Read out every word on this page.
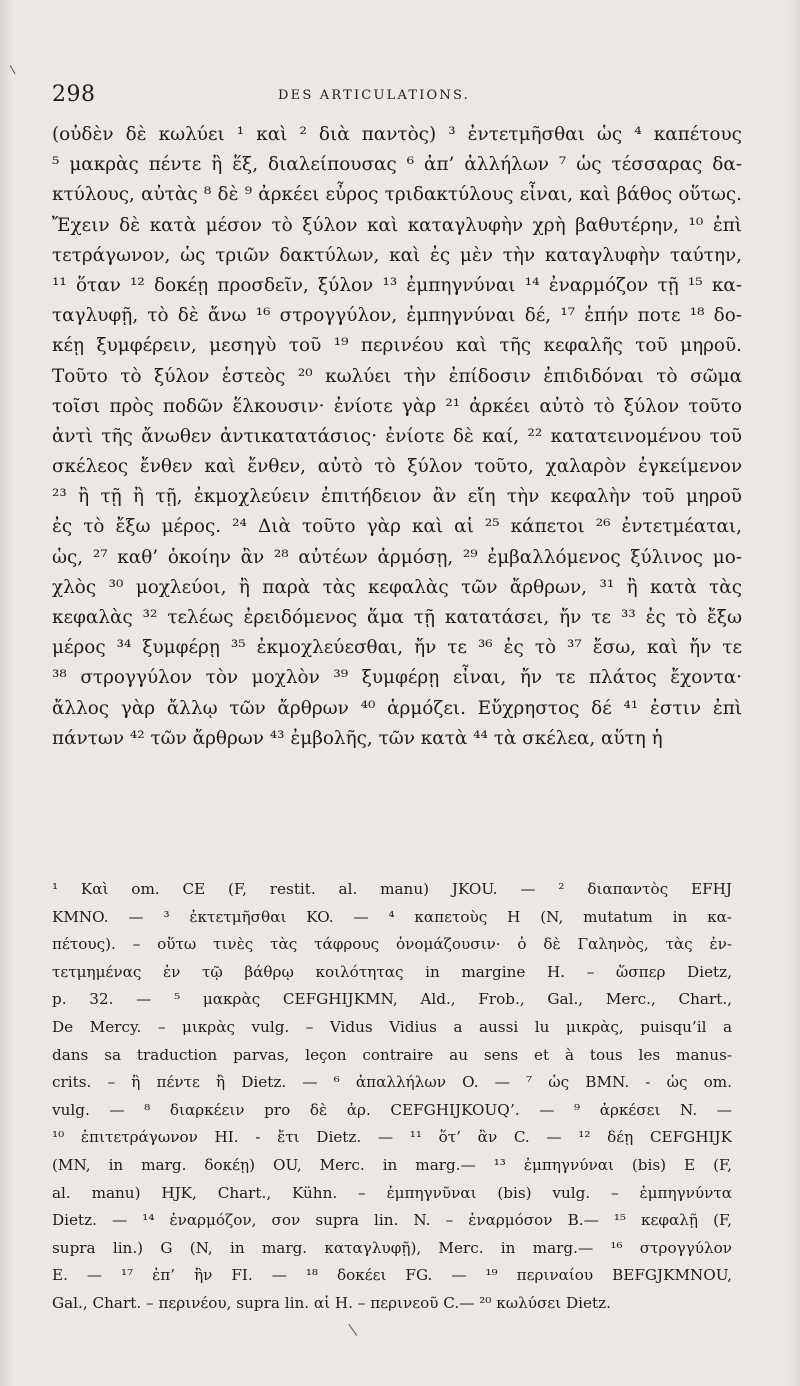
298	DES ARTICULATIONS.
(οὐδὲν δὲ κωλύει ¹ καὶ ² διὰ παντὸς) ³ ἐντετμῆσθαι ὡς ⁴ καπέτους
⁵ μακρὰς πέντε ἢ ἕξ, διαλείπουσας ⁶ ἀπ’ ἀλλήλων ⁷ ὡς τέσσαρας δα-
κτύλους, αὐτὰς ⁸ δὲ ⁹ ἀρκέει εὖρος τριδακτύλους εἶναι, καὶ βάθος οὕτως.
Ἔχειν δὲ κατὰ μέσον τὸ ξύλον καὶ καταγλυφὴν χρὴ βαθυτέρην, ¹⁰ ἐπὶ
τετράγωνον, ὡς τριῶν δακτύλων, καὶ ἐς μὲν τὴν καταγλυφὴν ταύτην,
¹¹ ὅταν ¹² δοκέῃ προσδεῖν, ξύλον ¹³ ἐμπηγνύναι ¹⁴ ἐναρμόζον τῇ ¹⁵ κα-
ταγλυφῇ, τὸ δὲ ἄνω ¹⁶ στρογγύλον, ἐμπηγνύναι δέ, ¹⁷ ἐπήν ποτε ¹⁸ δο-
κέῃ ξυμφέρειν, μεσηγὺ τοῦ ¹⁹ περινέου καὶ τῆς κεφαλῆς τοῦ μηροῦ.
Τοῦτο τὸ ξύλον ἑστεὸς ²⁰ κωλύει τὴν ἐπίδοσιν ἐπιδιδόναι τὸ σῶμα
τοῖσι πρὸς ποδῶν ἕλκουσιν· ἐνίοτε γὰρ ²¹ ἀρκέει αὐτὸ τὸ ξύλον τοῦτο
ἀντὶ τῆς ἄνωθεν ἀντικατατάσιος· ἐνίοτε δὲ καί, ²² κατατεινομένου τοῦ
σκέλεος ἔνθεν καὶ ἔνθεν, αὐτὸ τὸ ξύλον τοῦτο, χαλαρὸν ἐγκείμενον
²³ ἢ τῇ ἢ τῇ, ἐκμοχλεύειν ἐπιτήδειον ἂν εἴη τὴν κεφαλὴν τοῦ μηροῦ
ἐς τὸ ἔξω μέρος. ²⁴ Διὰ τοῦτο γὰρ καὶ αἱ ²⁵ κάπετοι ²⁶ ἐντετμέαται,
ὡς, ²⁷ καθ’ ὁκοίην ἂν ²⁸ αὐτέων ἁρμόσῃ, ²⁹ ἐμβαλλόμενος ξύλινος μο-
χλὸς ³⁰ μοχλεύοι, ἢ παρὰ τὰς κεφαλὰς τῶν ἄρθρων, ³¹ ἢ κατὰ τὰς
κεφαλὰς ³² τελέως ἐρειδόμενος ἅμα τῇ κατατάσει, ἤν τε ³³ ἐς τὸ ἔξω
μέρος ³⁴ ξυμφέρῃ ³⁵ ἐκμοχλεύεσθαι, ἤν τε ³⁶ ἐς τὸ ³⁷ ἔσω, καὶ ἤν τε
³⁸ στρογγύλον τὸν μοχλὸν ³⁹ ξυμφέρῃ εἶναι, ἤν τε πλάτος ἔχοντα·
ἄλλος γὰρ ἄλλῳ τῶν ἄρθρων ⁴⁰ ἁρμόζει. Εὔχρηστος δέ ⁴¹ ἐστιν ἐπὶ
πάντων ⁴² τῶν ἄρθρων ⁴³ ἐμβολῆς, τῶν κατὰ ⁴⁴ τὰ σκέλεα, αὕτη ἡ
¹ Καὶ om. CE (F, restit. al. manu) JKOU. — ² διαπαντὸς EFHJ
KMNO. — ³ ἐκτετμῆσθαι KO. — ⁴ καπετοὺς H (N, mutatum in κα-
πέτους). – οὕτω τινὲς τὰς τάφρους ὀνομάζουσιν· ὁ δὲ Γαληνὸς, τὰς ἐν-
τετμημένας ἐν τῷ βάθρῳ κοιλότητας in margine H. – ὥσπερ Dietz,
p. 32. — ⁵ μακρὰς CEFGHIJKMN, Ald., Frob., Gal., Merc., Chart.,
De Mercy. – μικρὰς vulg. – Vidus Vidius a aussi lu μικρὰς, puisqu’il a
dans sa traduction parvas, leçon contraire au sens et à tous les manus-
crits. – ἢ πέντε ἢ Dietz. — ⁶ ἀπαλλήλων O. — ⁷ ὡς BMN. - ὡς om.
vulg. — ⁸ διαρκέειν pro δὲ ἀρ. CEFGHIJKOUQ’. — ⁹ ἀρκέσει N. —
¹⁰ ἐπιτετράγωνον HI. - ἔτι Dietz. — ¹¹ ὅτ’ ἂν C. — ¹² δέῃ CEFGHIJK
(MN, in marg. δοκέῃ) OU, Merc. in marg.— ¹³ ἐμπηγνύναι (bis) E (F,
al. manu) HJK, Chart., Kühn. – ἐμπηγνῦναι (bis) vulg. – ἐμπηγνύντα
Dietz. — ¹⁴ ἐναρμόζον, σον supra lin. N. – ἐναρμόσον B.— ¹⁵ κεφαλῇ (F,
supra lin.) G (N, in marg. καταγλυφῇ), Merc. in marg.— ¹⁶ στρογγύλον
E. — ¹⁷ ἐπ’ ἢν FI. — ¹⁸ δοκέει FG. — ¹⁹ περιναίου BEFGJKMNOU,
Gal., Chart. – περινέου, supra lin. αἱ H. – περινεοῦ C.— ²⁰ κωλύσει Dietz.
